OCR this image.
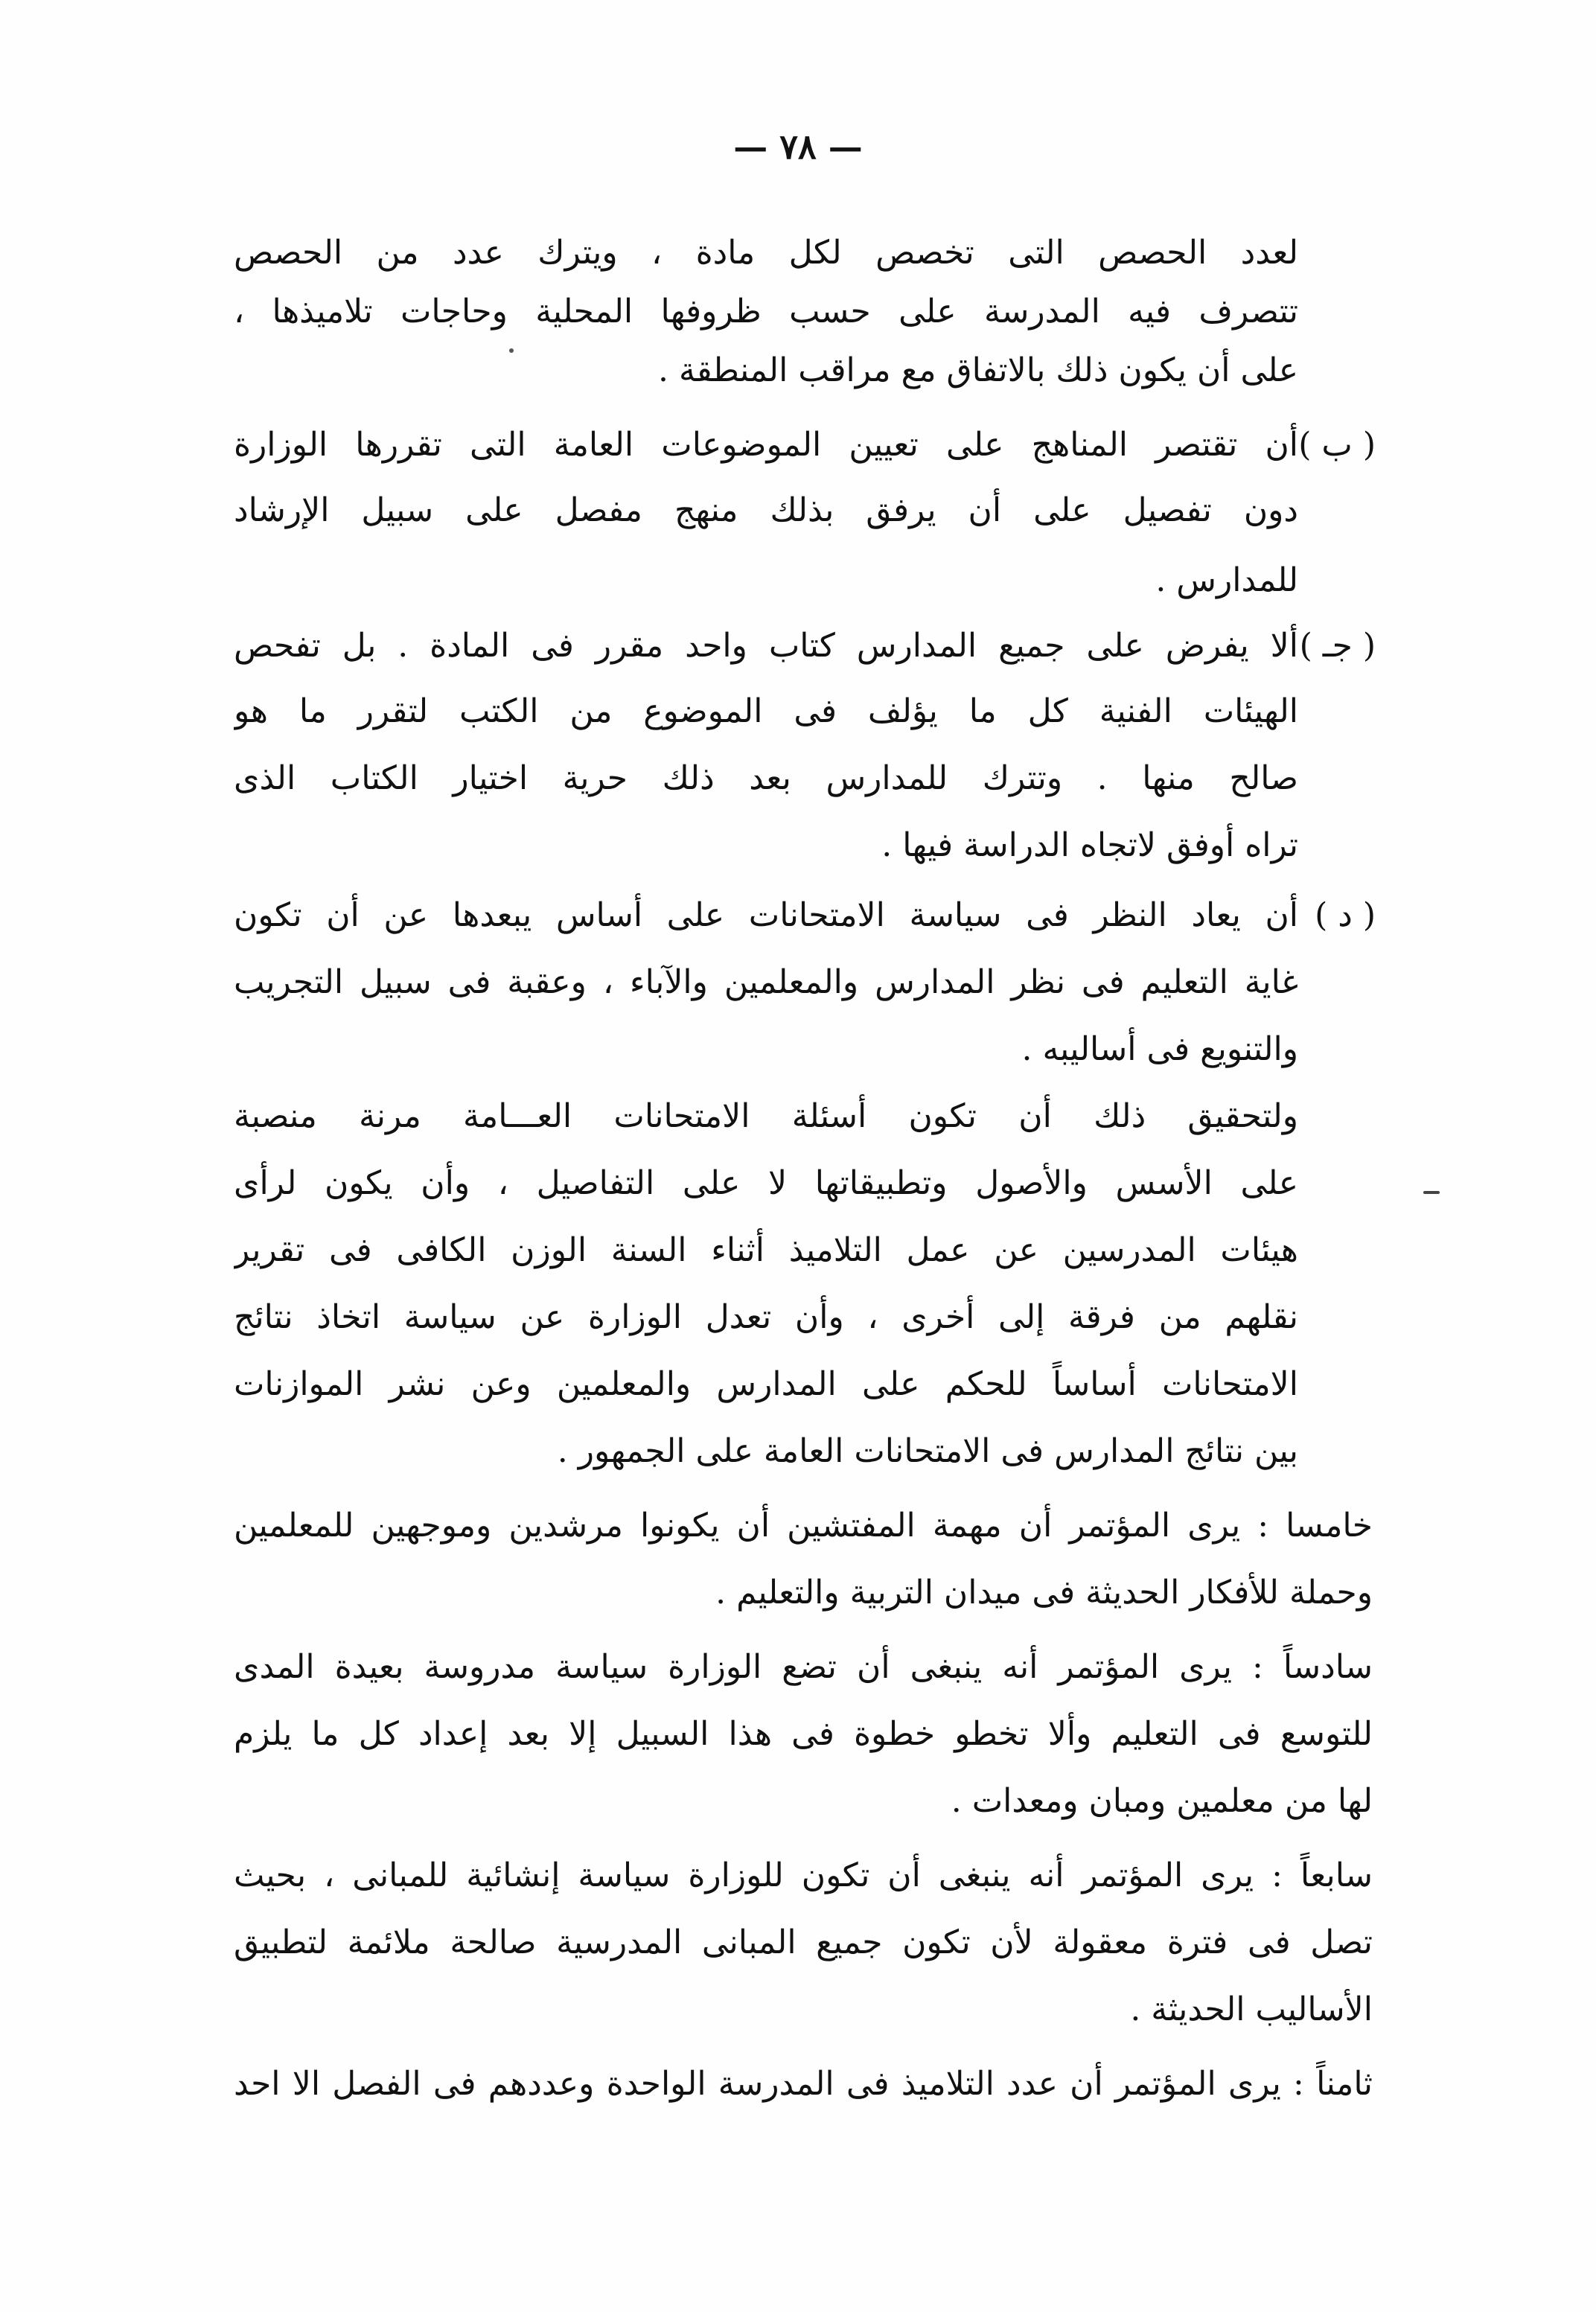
— ٧٨ —
لعدد الحصص التى تخصص لكل مادة ، ويترك عدد من الحصص
تتصرف فيه المدرسة على حسب ظروفها المحلية وحاجات تلاميذها ،
على أن يكون ذلك بالاتفاق مع مراقب المنطقة .
( ب )
أن تقتصر المناهج على تعيين الموضوعات العامة التى تقررها الوزارة
دون تفصيل على أن يرفق بذلك منهج مفصل على سبيل الإرشاد
للمدارس .
( جـ )
ألا يفرض على جميع المدارس كتاب واحد مقرر فى المادة . بل تفحص
الهيئات الفنية كل ما يؤلف فى الموضوع من الكتب لتقرر ما هو
صالح منها . وتترك للمدارس بعد ذلك حرية اختيار الكتاب الذى
تراه أوفق لاتجاه الدراسة فيها .
( د )
أن يعاد النظر فى سياسة الامتحانات على أساس يبعدها عن أن تكون
غاية التعليم فى نظر المدارس والمعلمين والآباء ، وعقبة فى سبيل التجريب
والتنويع فى أساليبه .
ولتحقيق ذلك أن تكون أسئلة الامتحانات العـــامة مرنة منصبة
على الأسس والأصول وتطبيقاتها لا على التفاصيل ، وأن يكون لرأى
هيئات المدرسين عن عمل التلاميذ أثناء السنة الوزن الكافى فى تقرير
نقلهم من فرقة إلى أخرى ، وأن تعدل الوزارة عن سياسة اتخاذ نتائج
الامتحانات أساساً للحكم على المدارس والمعلمين وعن نشر الموازنات
بين نتائج المدارس فى الامتحانات العامة على الجمهور .
خامسا : يرى المؤتمر أن مهمة المفتشين أن يكونوا مرشدين وموجهين للمعلمين
وحملة للأفكار الحديثة فى ميدان التربية والتعليم .
سادساً : يرى المؤتمر أنه ينبغى أن تضع الوزارة سياسة مدروسة بعيدة المدى
للتوسع فى التعليم وألا تخطو خطوة فى هذا السبيل إلا بعد إعداد كل ما يلزم
لها من معلمين ومبان ومعدات .
سابعاً : يرى المؤتمر أنه ينبغى أن تكون للوزارة سياسة إنشائية للمبانى ، بحيث
تصل فى فترة معقولة لأن تكون جميع المبانى المدرسية صالحة ملائمة لتطبيق
الأساليب الحديثة .
ثامناً : يرى المؤتمر أن عدد التلاميذ فى المدرسة الواحدة وعددهم فى الفصل الا احد
